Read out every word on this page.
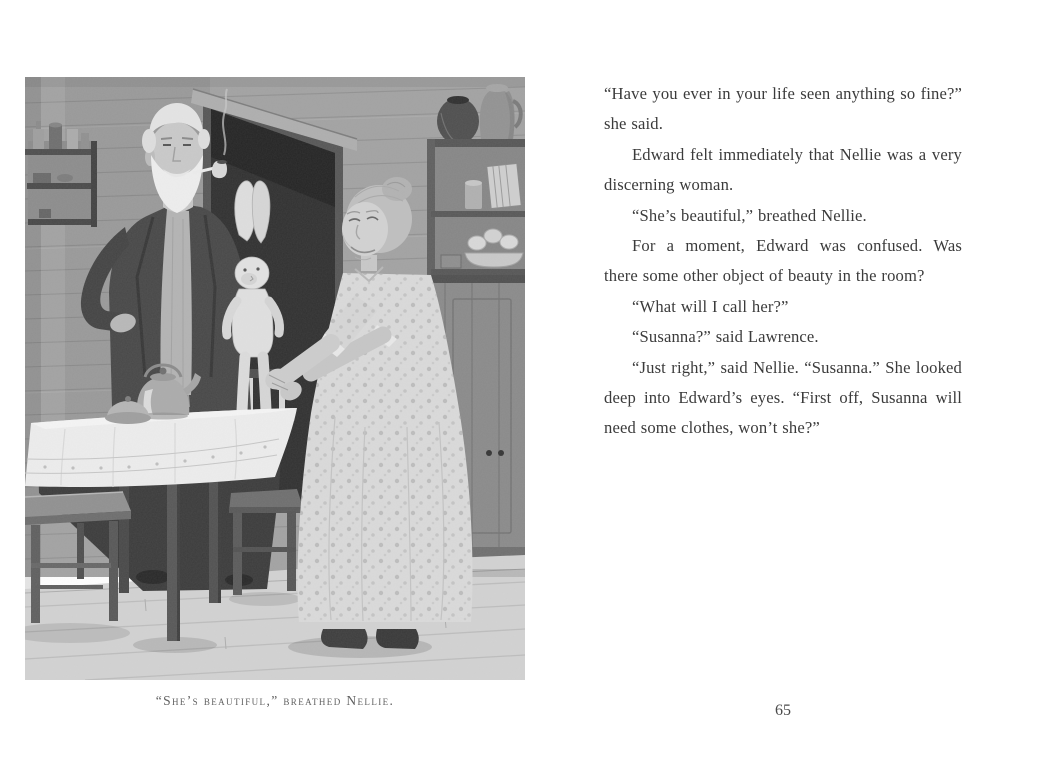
“She’s beautiful,” breathed Nellie.
“Have you ever in your life seen anything so fine?”
she said.
Edward felt immediately that Nellie was a very
discerning woman.
“She’s beautiful,” breathed Nellie.
For a moment, Edward was confused. Was
there some other object of beauty in the room?
“What will I call her?”
“Susanna?” said Lawrence.
“Just right,” said Nellie. “Susanna.” She looked
deep into Edward’s eyes. “First off, Susanna will
need some clothes, won’t she?”
65
